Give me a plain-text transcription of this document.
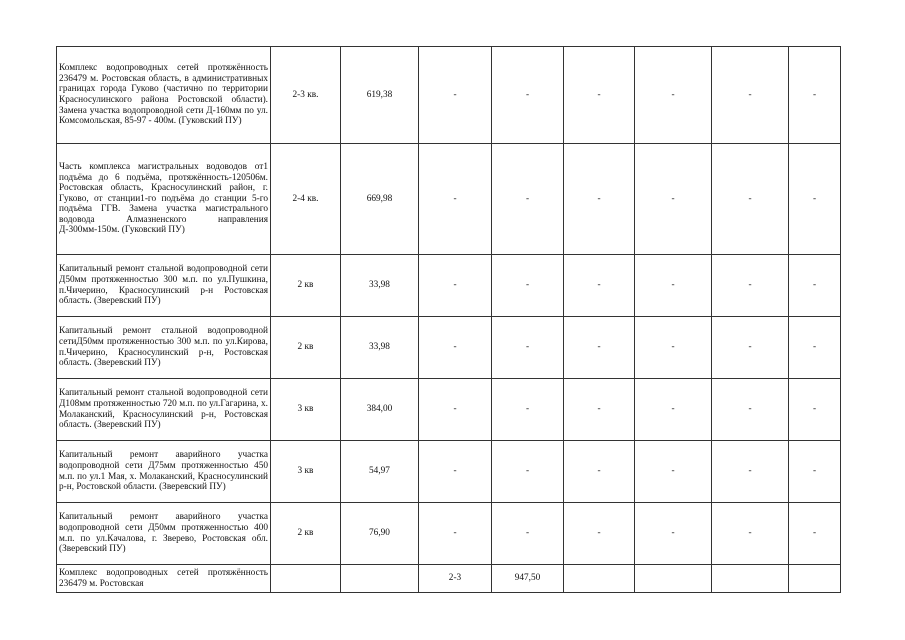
Комплекс водопроводных сетей протяжённость 236479 м. Ростовская область, в административных границах города Гуково (частично по территории Красносулинского района Ростовской области). Замена участка водопроводной сети Д-160мм по ул. Комсомольская, 85-97 - 400м. (Гуковский ПУ)	2-3 кв.		619,38	-	-	-	-	-	-
Часть комплекса магистральных водоводов от1 подъёма до 6 подъёма, протяжённость-120506м. Ростовская область, Красносулинский район, г. Гуково, от станции1-го подъёма до станции 5-го подъёма ГГВ. Замена участка магистрального водовода Алмазненского направления Д-300мм-150м. (Гуковский ПУ)	2-4 кв.		669,98	-	-	-	-	-	-
Капитальный ремонт стальной водопроводной сети Д50мм протяженностью 300 м.п. по ул.Пушкина, п.Чичерино, Красносулинский р-н Ростовская область. (Зверевский ПУ)	2 кв		33,98	-	-	-	-	-	-
Капитальный ремонт стальной водопроводной сетиД50мм протяженностью 300 м.п. по ул.Кирова, п.Чичерино, Красносулинский р-н, Ростовская область. (Зверевский ПУ)	2 кв		33,98	-	-	-	-	-	-
Капитальный ремонт стальной водопроводной сети Д108мм протяженностью 720 м.п. по ул.Гагарина, х. Молаканский, Красносулинский р-н, Ростовская область. (Зверевский ПУ)	3 кв		384,00	-	-	-	-	-	-
Капитальный ремонт аварийного участка водопроводной сети Д75мм протяженностью 450 м.п. по ул.1 Мая, х. Молаканский, Красносулинский р-н, Ростовской области. (Зверевский ПУ)	3 кв		54,97	-	-	-	-	-	-
Капитальный ремонт аварийного участка водопроводной сети Д50мм протяженностью 400 м.п. по ул.Качалова, г. Зверево, Ростовская обл. (Зверевский ПУ)	2 кв		76,90	-	-	-	-	-	-
Комплекс водопроводных сетей протяжённость 236479 м. Ростовская				2-3	947,50				
